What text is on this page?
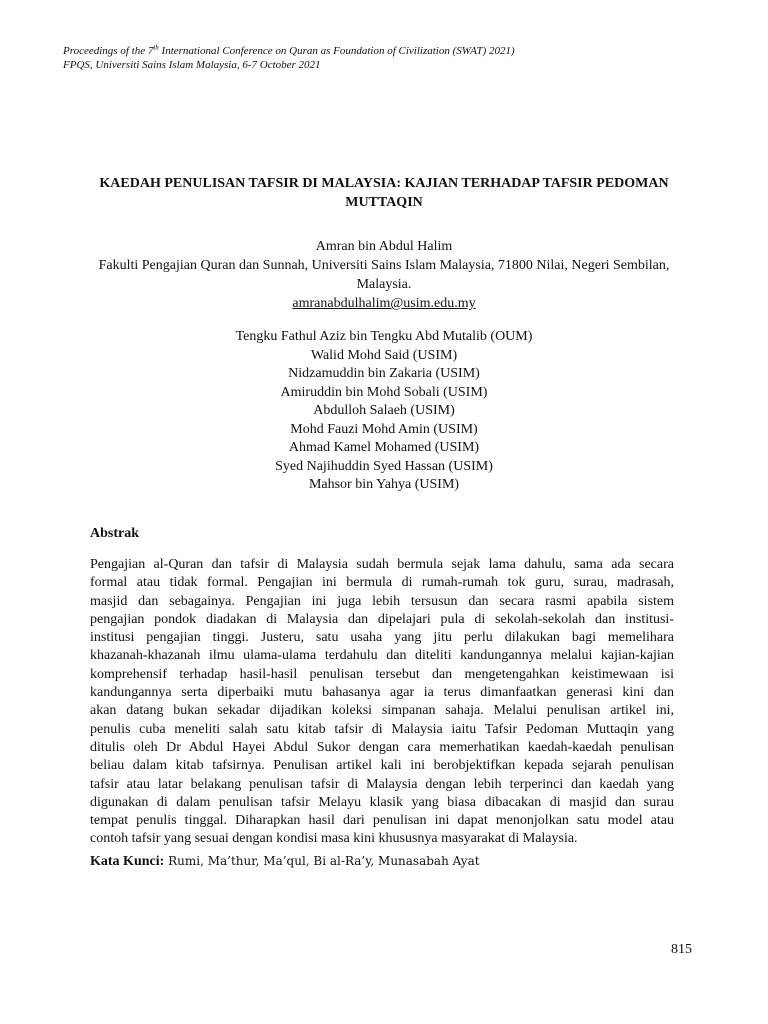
Proceedings of the 7th International Conference on Quran as Foundation of Civilization (SWAT) 2021)
FPQS, Universiti Sains Islam Malaysia, 6-7 October 2021
KAEDAH PENULISAN TAFSIR DI MALAYSIA: KAJIAN TERHADAP TAFSIR PEDOMAN
MUTTAQIN
Amran bin Abdul Halim
Fakulti Pengajian Quran dan Sunnah, Universiti Sains Islam Malaysia, 71800 Nilai, Negeri Sembilan,
Malaysia.
amranabdulhalim@usim.edu.my
Tengku Fathul Aziz bin Tengku Abd Mutalib (OUM)
Walid Mohd Said (USIM)
Nidzamuddin bin Zakaria (USIM)
Amiruddin bin Mohd Sobali (USIM)
Abdulloh Salaeh (USIM)
Mohd Fauzi Mohd Amin (USIM)
Ahmad Kamel Mohamed (USIM)
Syed Najihuddin Syed Hassan (USIM)
Mahsor bin Yahya (USIM)
Abstrak
Pengajian al-Quran dan tafsir di Malaysia sudah bermula sejak lama dahulu, sama ada secara
formal atau tidak formal. Pengajian ini bermula di rumah-rumah tok guru, surau, madrasah,
masjid dan sebagainya. Pengajian ini juga lebih tersusun dan secara rasmi apabila sistem
pengajian pondok diadakan di Malaysia dan dipelajari pula di sekolah-sekolah dan institusi-
institusi pengajian tinggi. Justeru, satu usaha yang jitu perlu dilakukan bagi memelihara
khazanah-khazanah ilmu ulama-ulama terdahulu dan diteliti kandungannya melalui kajian-kajian
komprehensif terhadap hasil-hasil penulisan tersebut dan mengetengahkan keistimewaan isi
kandungannya serta diperbaiki mutu bahasanya agar ia terus dimanfaatkan generasi kini dan
akan datang bukan sekadar dijadikan koleksi simpanan sahaja. Melalui penulisan artikel ini,
penulis cuba meneliti salah satu kitab tafsir di Malaysia iaitu Tafsir Pedoman Muttaqin yang
ditulis oleh Dr Abdul Hayei Abdul Sukor dengan cara memerhatikan kaedah-kaedah penulisan
beliau dalam kitab tafsirnya. Penulisan artikel kali ini berobjektifkan kepada sejarah penulisan
tafsir atau latar belakang penulisan tafsir di Malaysia dengan lebih terperinci dan kaedah yang
digunakan di dalam penulisan tafsir Melayu klasik yang biasa dibacakan di masjid dan surau
tempat penulis tinggal. Diharapkan hasil dari penulisan ini dapat menonjolkan satu model atau
contoh tafsir yang sesuai dengan kondisi masa kini khususnya masyarakat di Malaysia.
Kata Kunci: Rumi, Ma’thur, Ma’qul, Bi al-Ra’y, Munasabah Ayat
815
